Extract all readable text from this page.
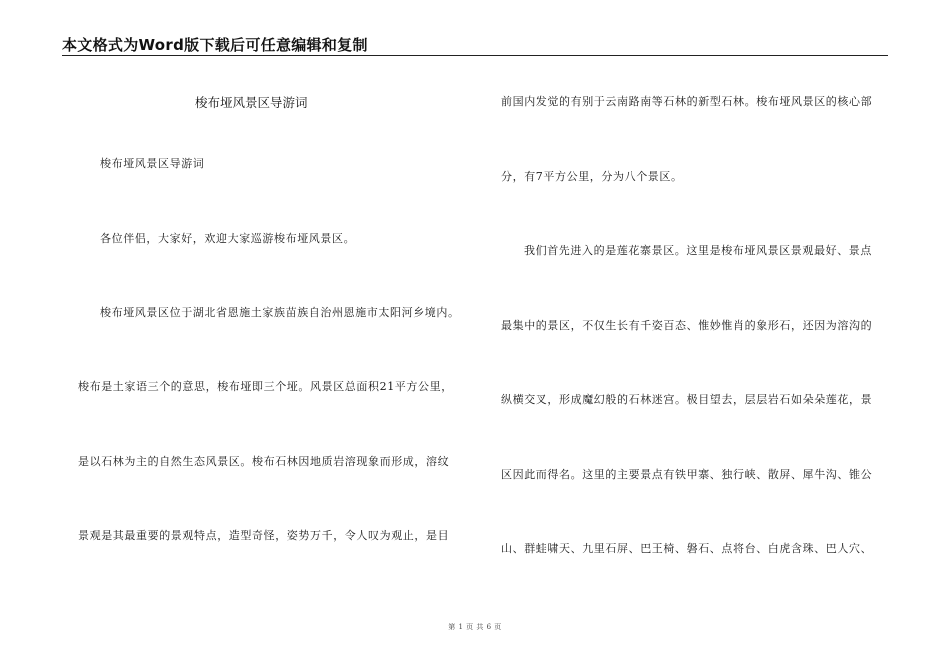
本文格式为Word版下载后可任意编辑和复制
梭布垭风景区导游词
梭布垭风景区导游词
各位伴侣，大家好，欢迎大家巡游梭布垭风景区。
梭布垭风景区位于湖北省恩施土家族苗族自治州恩施市太阳河乡境内。
梭布是土家语三个的意思，梭布垭即三个垭。风景区总面积21平方公里，
是以石林为主的自然生态风景区。梭布石林因地质岩溶现象而形成，溶纹
景观是其最重要的景观特点，造型奇怪，姿势万千，令人叹为观止，是目
前国内发觉的有别于云南路南等石林的新型石林。梭布垭风景区的核心部
分，有7平方公里，分为八个景区。
我们首先进入的是莲花寨景区。这里是梭布垭风景区景观最好、景点
最集中的景区，不仅生长有千姿百态、惟妙惟肖的象形石，还因为溶沟的
纵横交叉，形成魔幻般的石林迷宫。极目望去，层层岩石如朵朵莲花，景
区因此而得名。这里的主要景点有铁甲寨、独行峡、散屏、犀牛沟、锥公
山、群蛙啸天、九里石屏、巴王椅、磐石、点将台、白虎含珠、巴人穴、
第 1 页 共 6 页
